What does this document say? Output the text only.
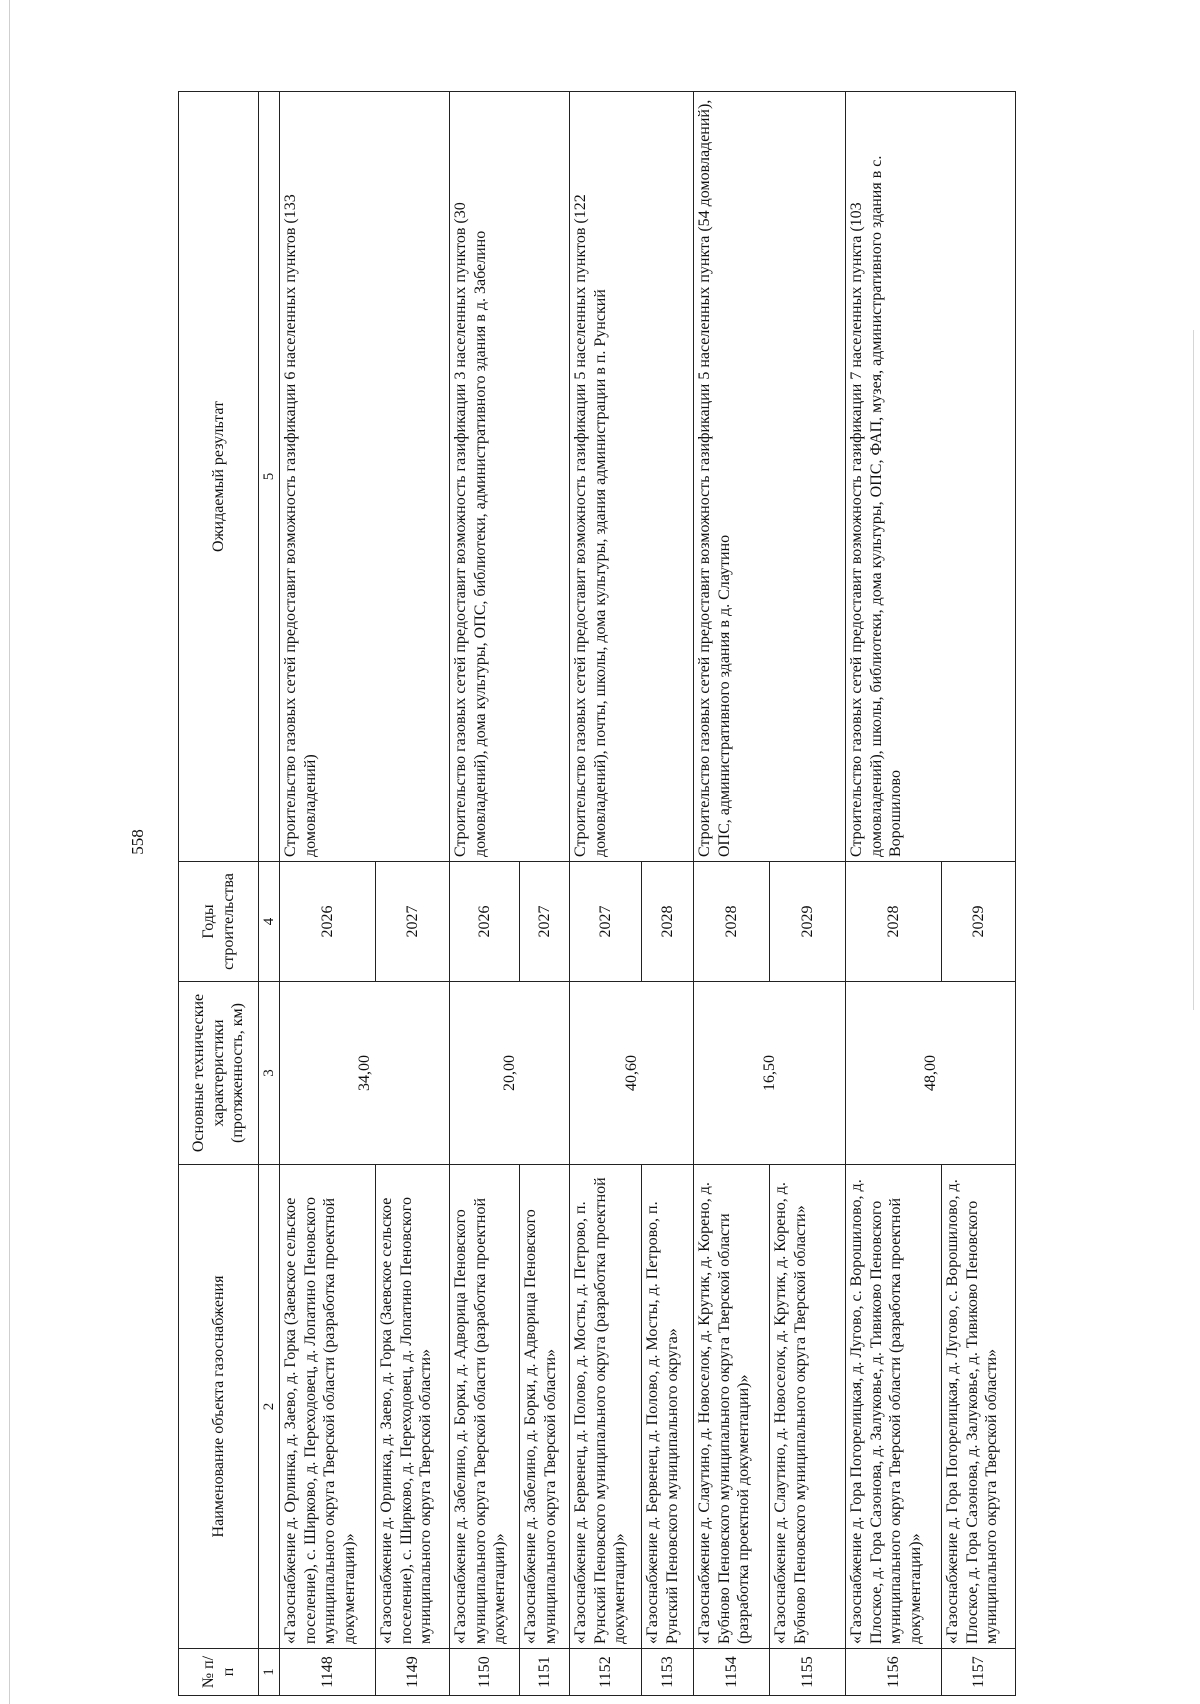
558
№ п/п	Наименование объекта газоснабжения	Основные технические характеристики (протяженность, км)	Годы строительства	Ожидаемый результат
1	2	3	4	5
1148	«Газоснабжение д. Орлинка, д. Заево, д. Горка (Заевское сельское поселение), с. Ширково, д. Переходовец, д. Лопатино Пеновского муниципального округа Тверской области (разработка проектной документации)»	34,00	2026	Строительство газовых сетей предоставит возможность газификации 6 населенных пунктов (133 домовладений)
1149	«Газоснабжение д. Орлинка, д. Заево, д. Горка (Заевское сельское поселение), с. Ширково, д. Переходовец, д. Лопатино Пеновского муниципального округа Тверской области»		2027	
1150	«Газоснабжение д. Забелино, д. Борки, д. Адворица Пеновского муниципального округа Тверской области (разработка проектной документации)»	20,00	2026	Строительство газовых сетей предоставит возможность газификации 3 населенных пунктов (30 домовладений), дома культуры, ОПС, библиотеки, административного здания в д. Забелино
1151	«Газоснабжение д. Забелино, д. Борки, д. Адворица Пеновского муниципального округа Тверской области»		2027	
1152	«Газоснабжение д. Бервенец, д. Полово, д. Мосты, д. Петрово, п. Рунский Пеновского муниципального округа (разработка проектной документации)»	40,60	2027	Строительство газовых сетей предоставит возможность газификации 5 населенных пунктов (122 домовладений), почты, школы, дома культуры, здания администрации в п. Рунский
1153	«Газоснабжение д. Бервенец, д. Полово, д. Мосты, д. Петрово, п. Рунский Пеновского муниципального округа»		2028	
1154	«Газоснабжение д. Слаутино, д. Новоселок, д. Крутик, д. Корено, д. Бубново Пеновского муниципального округа Тверской области (разработка проектной документации)»	16,50	2028	Строительство газовых сетей предоставит возможность газификации 5 населенных пункта (54 домовладений), ОПС, административного здания в д. Слаутино
1155	«Газоснабжение д. Слаутино, д. Новоселок, д. Крутик, д. Корено, д. Бубново Пеновского муниципального округа Тверской области»		2029	
1156	«Газоснабжение д. Гора Погорелицкая, д. Лугово, с. Ворошилово, д. Плоское, д. Гора Сазонова, д. Залуковье, д. Тивиково Пеновского муниципального округа Тверской области (разработка проектной документации)»	48,00	2028	Строительство газовых сетей предоставит возможность газификации 7 населенных пункта (103 домовладений), школы, библиотеки, дома культуры, ОПС, ФАП, музея, административного здания в с. Ворошилово
1157	«Газоснабжение д. Гора Погорелицкая, д. Лугово, с. Ворошилово, д. Плоское, д. Гора Сазонова, д. Залуковье, д. Тивиково Пеновского муниципального округа Тверской области»		2029	
